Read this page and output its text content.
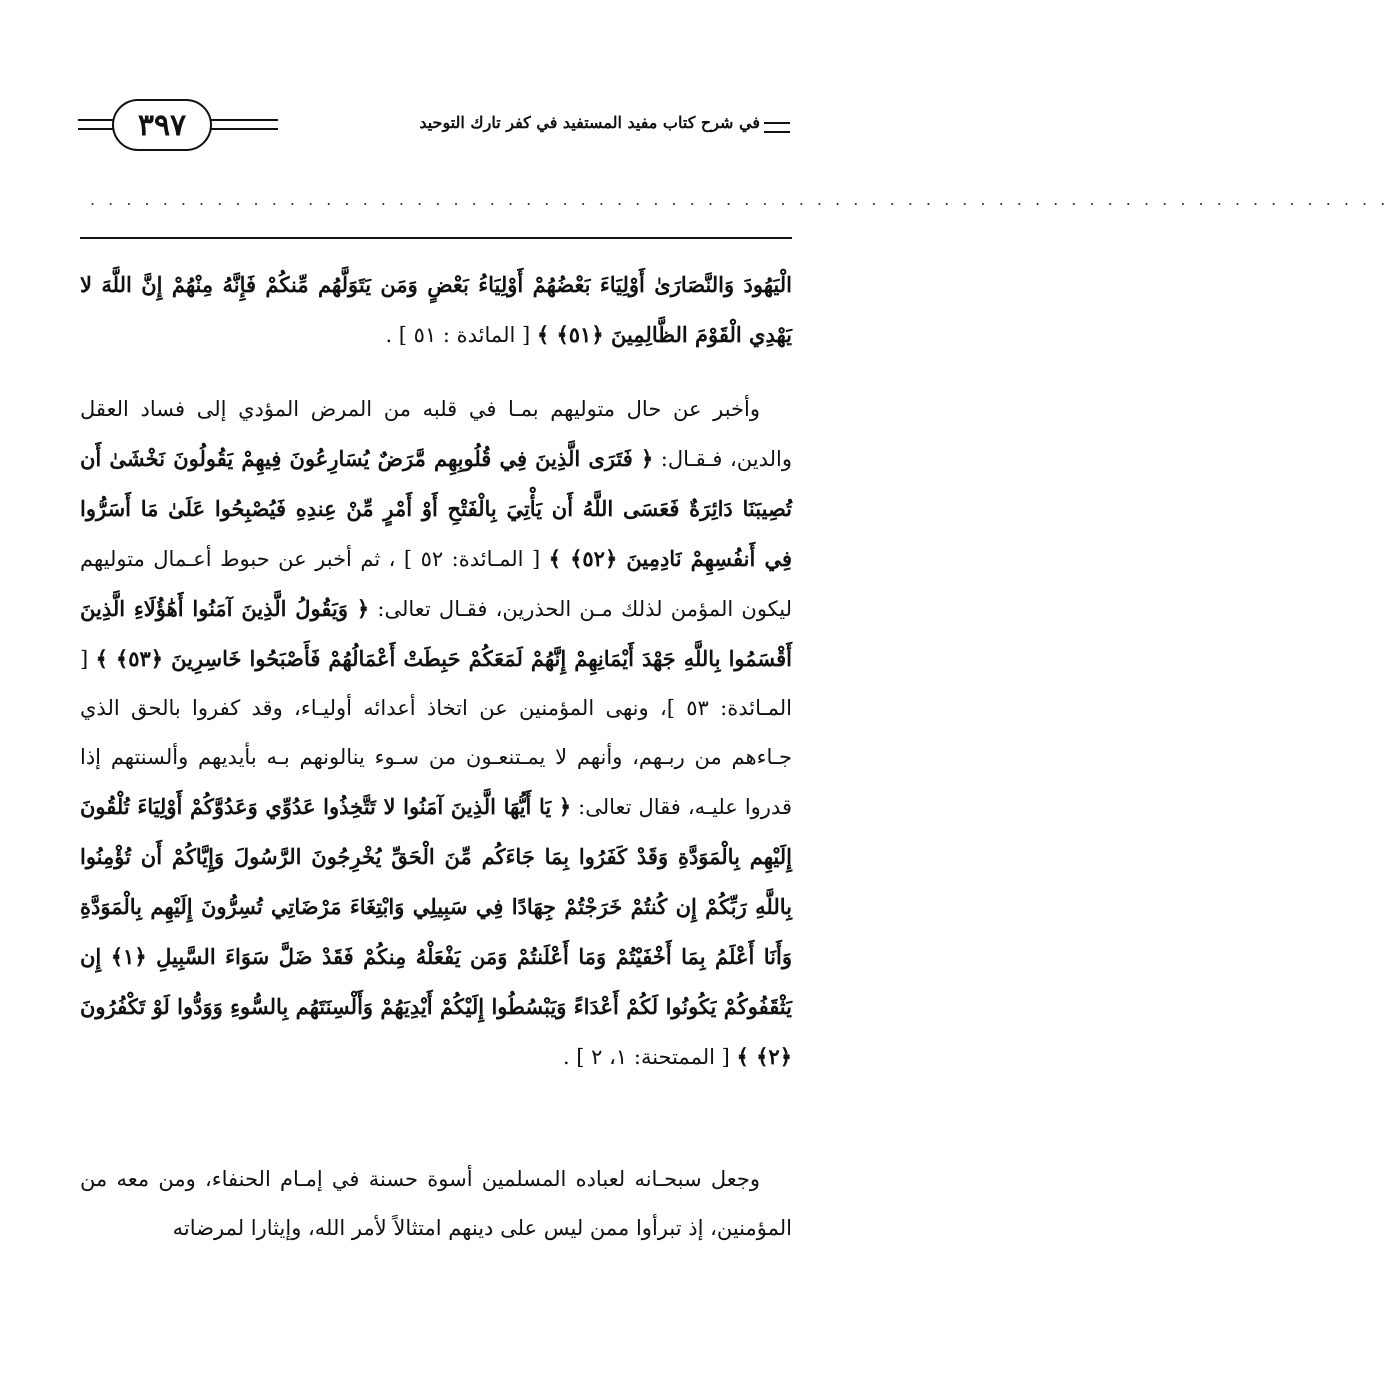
في شرح كتاب مفيد المستفيد في كفر تارك التوحيد
٣٩٧
. . . . . . . . . . . . . . . . . . . . . . . . . . . . . . . . . . . . . . . . . . . . . . . . . . . . . . . . . . . . . . . . . . . . . . . .

الْيَهُودَ وَالنَّصَارَىٰ أَوْلِيَاءَ بَعْضُهُمْ أَوْلِيَاءُ بَعْضٍ وَمَن يَتَوَلَّهُم مِّنكُمْ فَإِنَّهُ مِنْهُمْ إِنَّ اللَّهَ لا يَهْدِي الْقَوْمَ الظَّالِمِينَ ﴿٥١﴾ ﴾ [ المائدة : ٥١ ] .

وأخبر عن حال متوليهم بمـا في قلبه من المرض المؤدي إلى فساد العقل والدين، فـقـال: ﴿ فَتَرَى الَّذِينَ فِي قُلُوبِهِم مَّرَضٌ يُسَارِعُونَ فِيهِمْ يَقُولُونَ نَخْشَىٰ أَن تُصِيبَنَا دَائِرَةٌ فَعَسَى اللَّهُ أَن يَأْتِيَ بِالْفَتْحِ أَوْ أَمْرٍ مِّنْ عِندِهِ فَيُصْبِحُوا عَلَىٰ مَا أَسَرُّوا فِي أَنفُسِهِمْ نَادِمِينَ ﴿٥٢﴾ ﴾ [ المـائدة: ٥٢ ] ، ثم أخبر عن حبوط أعـمال متوليهم ليكون المؤمن لذلك مـن الحذرين، فقـال تعالى: ﴿ وَيَقُولُ الَّذِينَ آمَنُوا أَهَٰؤُلَاءِ الَّذِينَ أَقْسَمُوا بِاللَّهِ جَهْدَ أَيْمَانِهِمْ إِنَّهُمْ لَمَعَكُمْ حَبِطَتْ أَعْمَالُهُمْ فَأَصْبَحُوا خَاسِرِينَ ﴿٥٣﴾ ﴾ [ المـائدة: ٥٣ ]، ونهى المؤمنين عن اتخاذ أعدائه أوليـاء، وقد كفروا بالحق الذي جـاءهم من ربـهم، وأنهم لا يمـتنعـون من سـوء ينالونهم بـه بأيديهم وألسنتهم إذا قدروا عليـه، فقال تعالى: ﴿ يَا أَيُّهَا الَّذِينَ آمَنُوا لا تَتَّخِذُوا عَدُوِّي وَعَدُوَّكُمْ أَوْلِيَاءَ تُلْقُونَ إِلَيْهِم بِالْمَوَدَّةِ وَقَدْ كَفَرُوا بِمَا جَاءَكُم مِّنَ الْحَقِّ يُخْرِجُونَ الرَّسُولَ وَإِيَّاكُمْ أَن تُؤْمِنُوا بِاللَّهِ رَبِّكُمْ إِن كُنتُمْ خَرَجْتُمْ جِهَادًا فِي سَبِيلِي وَابْتِغَاءَ مَرْضَاتِي تُسِرُّونَ إِلَيْهِم بِالْمَوَدَّةِ وَأَنَا أَعْلَمُ بِمَا أَخْفَيْتُمْ وَمَا أَعْلَنتُمْ وَمَن يَفْعَلْهُ مِنكُمْ فَقَدْ ضَلَّ سَوَاءَ السَّبِيلِ ﴿١﴾ إِن يَثْقَفُوكُمْ يَكُونُوا لَكُمْ أَعْدَاءً وَيَبْسُطُوا إِلَيْكُمْ أَيْدِيَهُمْ وَأَلْسِنَتَهُم بِالسُّوءِ وَوَدُّوا لَوْ تَكْفُرُونَ ﴿٢﴾ ﴾ [ الممتحنة: ١، ٢ ] .

وجعل سبحـانه لعباده المسلمين أسوة حسنة في إمـام الحنفاء، ومن معه من المؤمنين، إذ تبرأوا ممن ليس على دينهم امتثالاً لأمر الله، وإيثارا لمرضاته
